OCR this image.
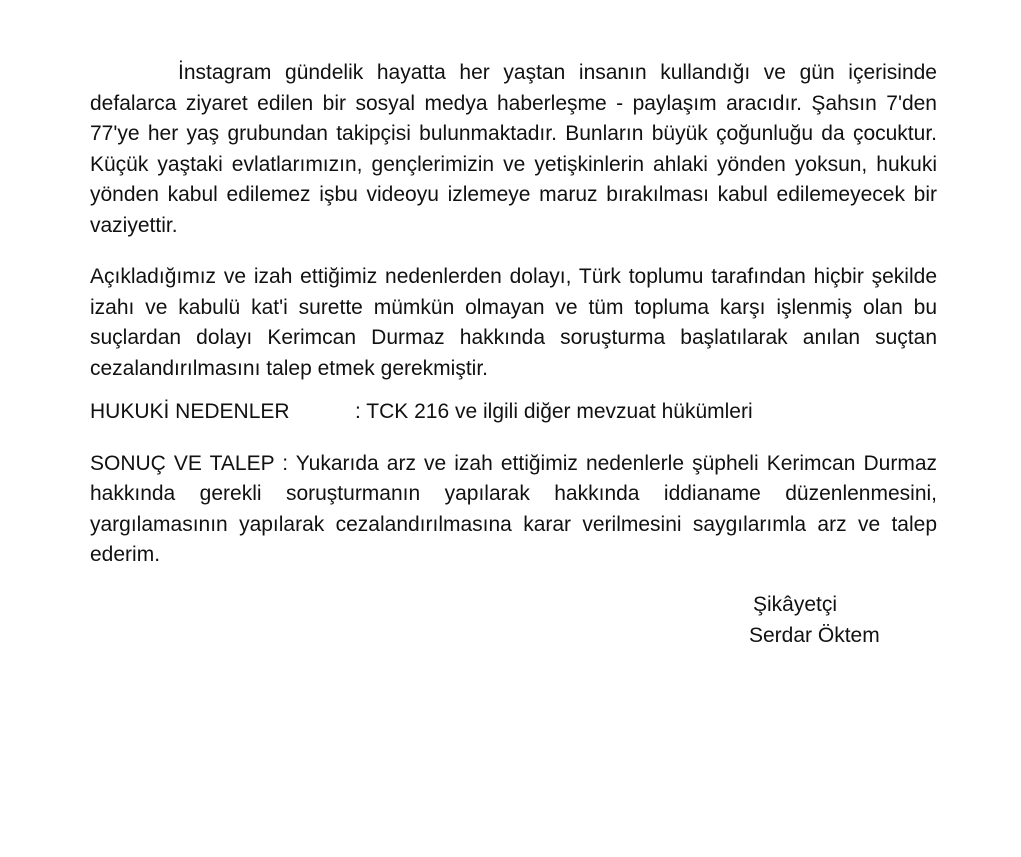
İnstagram gündelik hayatta her yaştan insanın kullandığı ve gün içerisinde defalarca ziyaret edilen bir sosyal medya haberleşme - paylaşım aracıdır. Şahsın 7'den 77'ye her yaş grubundan takipçisi bulunmaktadır. Bunların büyük çoğunluğu da çocuktur. Küçük yaştaki evlatlarımızın, gençlerimizin ve yetişkinlerin ahlaki yönden yoksun, hukuki yönden kabul edilemez işbu videoyu izlemeye maruz bırakılması kabul edilemeyecek bir vaziyettir.

Açıkladığımız ve izah ettiğimiz nedenlerden dolayı, Türk toplumu tarafından hiçbir şekilde izahı ve kabulü kat'i surette mümkün olmayan ve tüm topluma karşı işlenmiş olan bu suçlardan dolayı Kerimcan Durmaz hakkında soruşturma başlatılarak anılan suçtan cezalandırılmasını talep etmek gerekmiştir.

HUKUKİ NEDENLER	: TCK 216 ve ilgili diğer mevzuat hükümleri

SONUÇ VE TALEP : Yukarıda arz ve izah ettiğimiz nedenlerle şüpheli Kerimcan Durmaz hakkında gerekli soruşturmanın yapılarak hakkında iddianame düzenlenmesini, yargılamasının yapılarak cezalandırılmasına karar verilmesini saygılarımla arz ve talep ederim.

Şikâyetçi
Serdar Öktem
